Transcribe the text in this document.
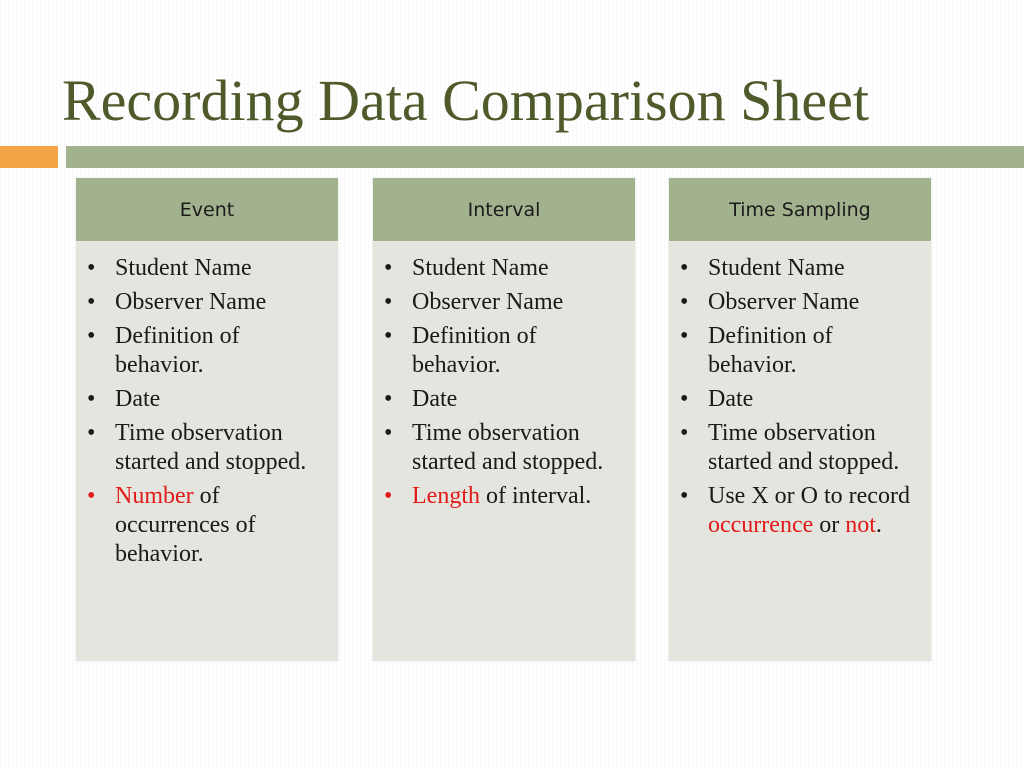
Recording Data Comparison Sheet
Event
• Student Name
• Observer Name
• Definition of behavior.
• Date
• Time observation started and stopped.
• Number of occurrences of behavior.
Interval
• Student Name
• Observer Name
• Definition of behavior.
• Date
• Time observation started and stopped.
• Length of interval.
Time Sampling
• Student Name
• Observer Name
• Definition of behavior.
• Date
• Time observation started and stopped.
• Use X or O to record occurrence or not.
